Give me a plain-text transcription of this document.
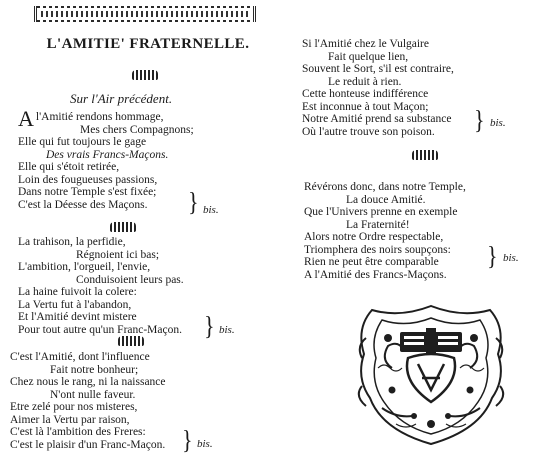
L'AMITIE' FRATERNELLE.
Sur l'Air précédent.
Al'Amitié rendons hommage,
Mes chers Compagnons;
Elle qui fut toujours le gage
Des vrais Francs-Maçons.
Elle qui s'étoit retirée,
Loin des fougueuses passions,
Dans notre Temple s'est fixée;
C'est la Déesse des Maçons.	} bis.
La trahison, la perfidie,
Régnoient ici bas;
L'ambition, l'orgueil, l'envie,
Conduisoient leurs pas.
La haine fuivoit la colere:
La Vertu fut à l'abandon,
Et l'Amitié devint mistere
Pour tout autre qu'un Franc-Maçon.	} bis.
C'est l'Amitié, dont l'influence
Fait notre bonheur;
Chez nous le rang, ni la naissance
N'ont nulle faveur.
Etre zelé pour nos misteres,
Aimer la Vertu par raison,
C'est là l'ambition des Freres:
C'est le plaisir d'un Franc-Maçon. } bis.
Si l'Amitié chez le Vulgaire
Fait quelque lien,
Souvent le Sort, s'il est contraire,
Le reduit à rien.
Cette honteuse indifférence
Est inconnue à tout Maçon;
Notre Amitié prend sa substance
Où l'autre trouve son poison.	} bis.
Révérons donc, dans notre Temple,
La douce Amitié.
Que l'Univers prenne en exemple
La Fraternité!
Alors notre Ordre respectable,
Triomphera des noirs soupçons:
Rien ne peut être comparable
A l'Amitié des Francs-Maçons.
} bis.
